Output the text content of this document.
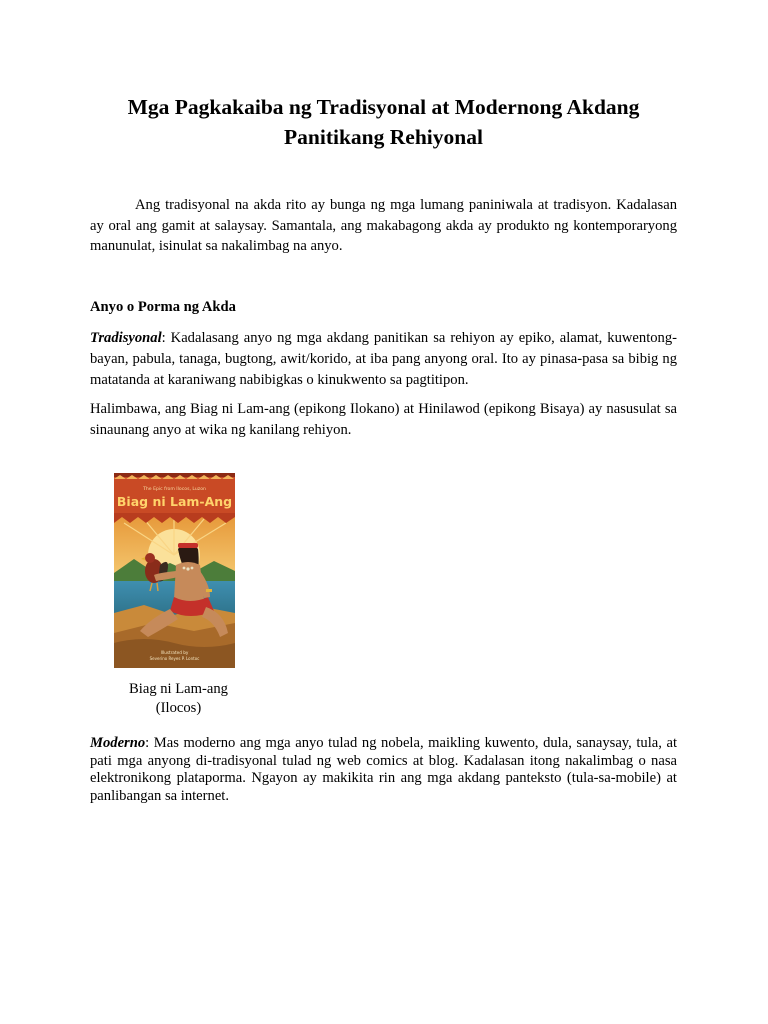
Mga Pagkakaiba ng Tradisyonal at Modernong Akdang Panitikang Rehiyonal

Ang tradisyonal na akda rito ay bunga ng mga lumang paniniwala at tradisyon. Kadalasan ay oral ang gamit at salaysay. Samantala, ang makabagong akda ay produkto ng kontemporaryong manunulat, isinulat sa nakalimbag na anyo.

Anyo o Porma ng Akda

Tradisyonal: Kadalasang anyo ng mga akdang panitikan sa rehiyon ay epiko, alamat, kuwentong-bayan, pabula, tanaga, bugtong, awit/korido, at iba pang anyong oral. Ito ay pinasa-pasa sa bibig ng matatanda at karaniwang nabibigkas o kinukwento sa pagtitipon.

Halimbawa, ang Biag ni Lam-ang (epikong Ilokano) at Hinilawod (epikong Bisaya) ay nasusulat sa sinaunang anyo at wika ng kanilang rehiyon.

The Epic from Ilocos, Luzon
Biag ni Lam-Ang
Illustrated by
Severino Reyes P. Lontoc

Biag ni Lam-ang
(Ilocos)

Moderno: Mas moderno ang mga anyo tulad ng nobela, maikling kuwento, dula, sanaysay, tula, at pati mga anyong di-tradisyonal tulad ng web comics at blog. Kadalasan itong nakalimbag o nasa elektronikong plataporma. Ngayon ay makikita rin ang mga akdang panteksto (tula-sa-mobile) at panlibangan sa internet.
